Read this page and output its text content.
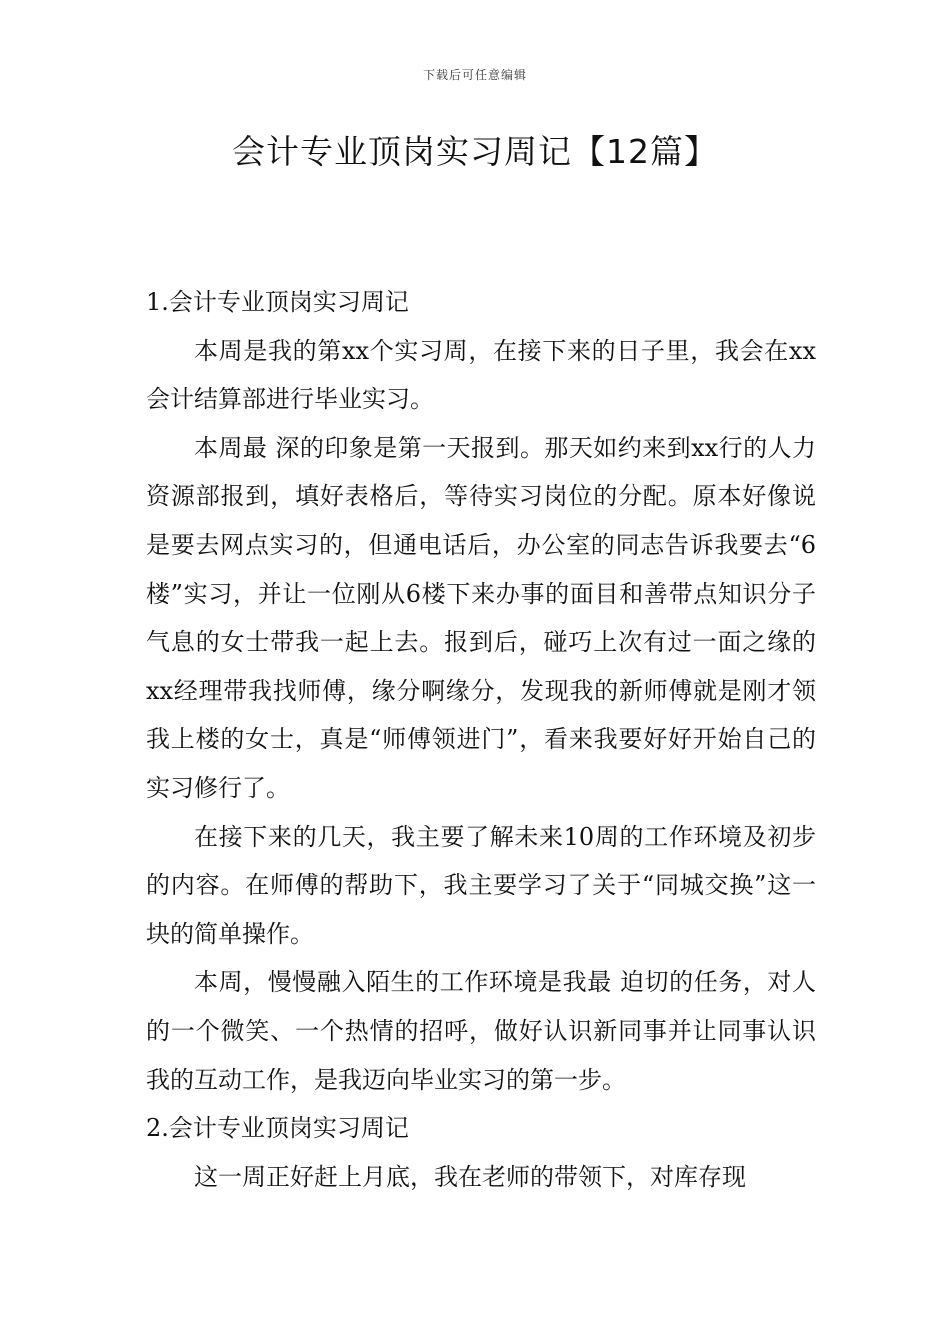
下载后可任意编辑
会计专业顶岗实习周记【12篇】

1.会计专业顶岗实习周记

本周是我的第xx个实习周，在接下来的日子里，我会在xx会计结算部进行毕业实习。

本周最 深的印象是第一天报到。那天如约来到xx行的人力资源部报到，填好表格后，等待实习岗位的分配。原本好像说是要去网点实习的，但通电话后，办公室的同志告诉我要去“6楼”实习，并让一位刚从6楼下来办事的面目和善带点知识分子气息的女士带我一起上去。报到后，碰巧上次有过一面之缘的xx经理带我找师傅，缘分啊缘分，发现我的新师傅就是刚才领我上楼的女士，真是“师傅领进门”，看来我要好好开始自己的实习修行了。

在接下来的几天，我主要了解未来10周的工作环境及初步的内容。在师傅的帮助下，我主要学习了关于“同城交换”这一块的简单操作。

本周，慢慢融入陌生的工作环境是我最 迫切的任务，对人的一个微笑、一个热情的招呼，做好认识新同事并让同事认识我的互动工作，是我迈向毕业实习的第一步。

2.会计专业顶岗实习周记

这一周正好赶上月底，我在老师的带领下，对库存现
